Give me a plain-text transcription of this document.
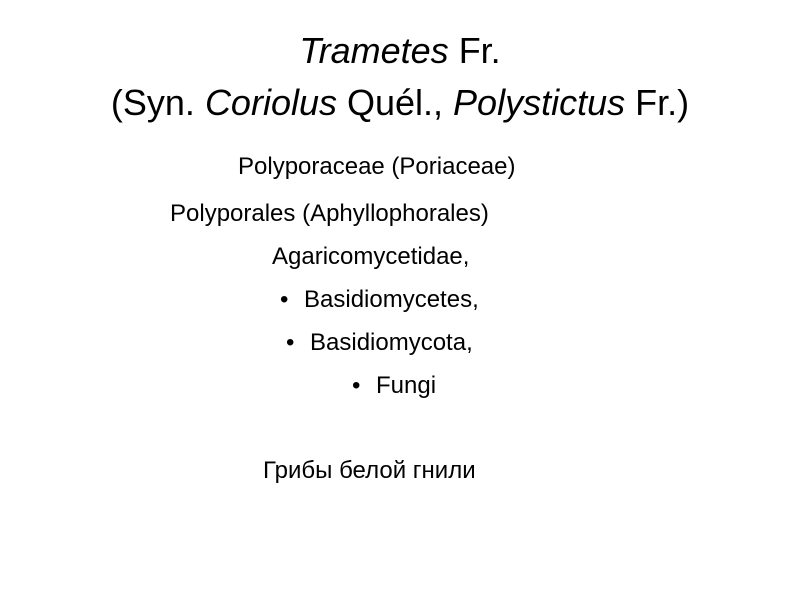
Trametes Fr.
(Syn. Coriolus Quél., Polystictus Fr.)
Polyporaceae (Poriaceae)
Polyporales (Aphyllophorales)
Agaricomycetidae,
• Basidiomycetes,
• Basidiomycota,
• Fungi
Грибы белой гнили
